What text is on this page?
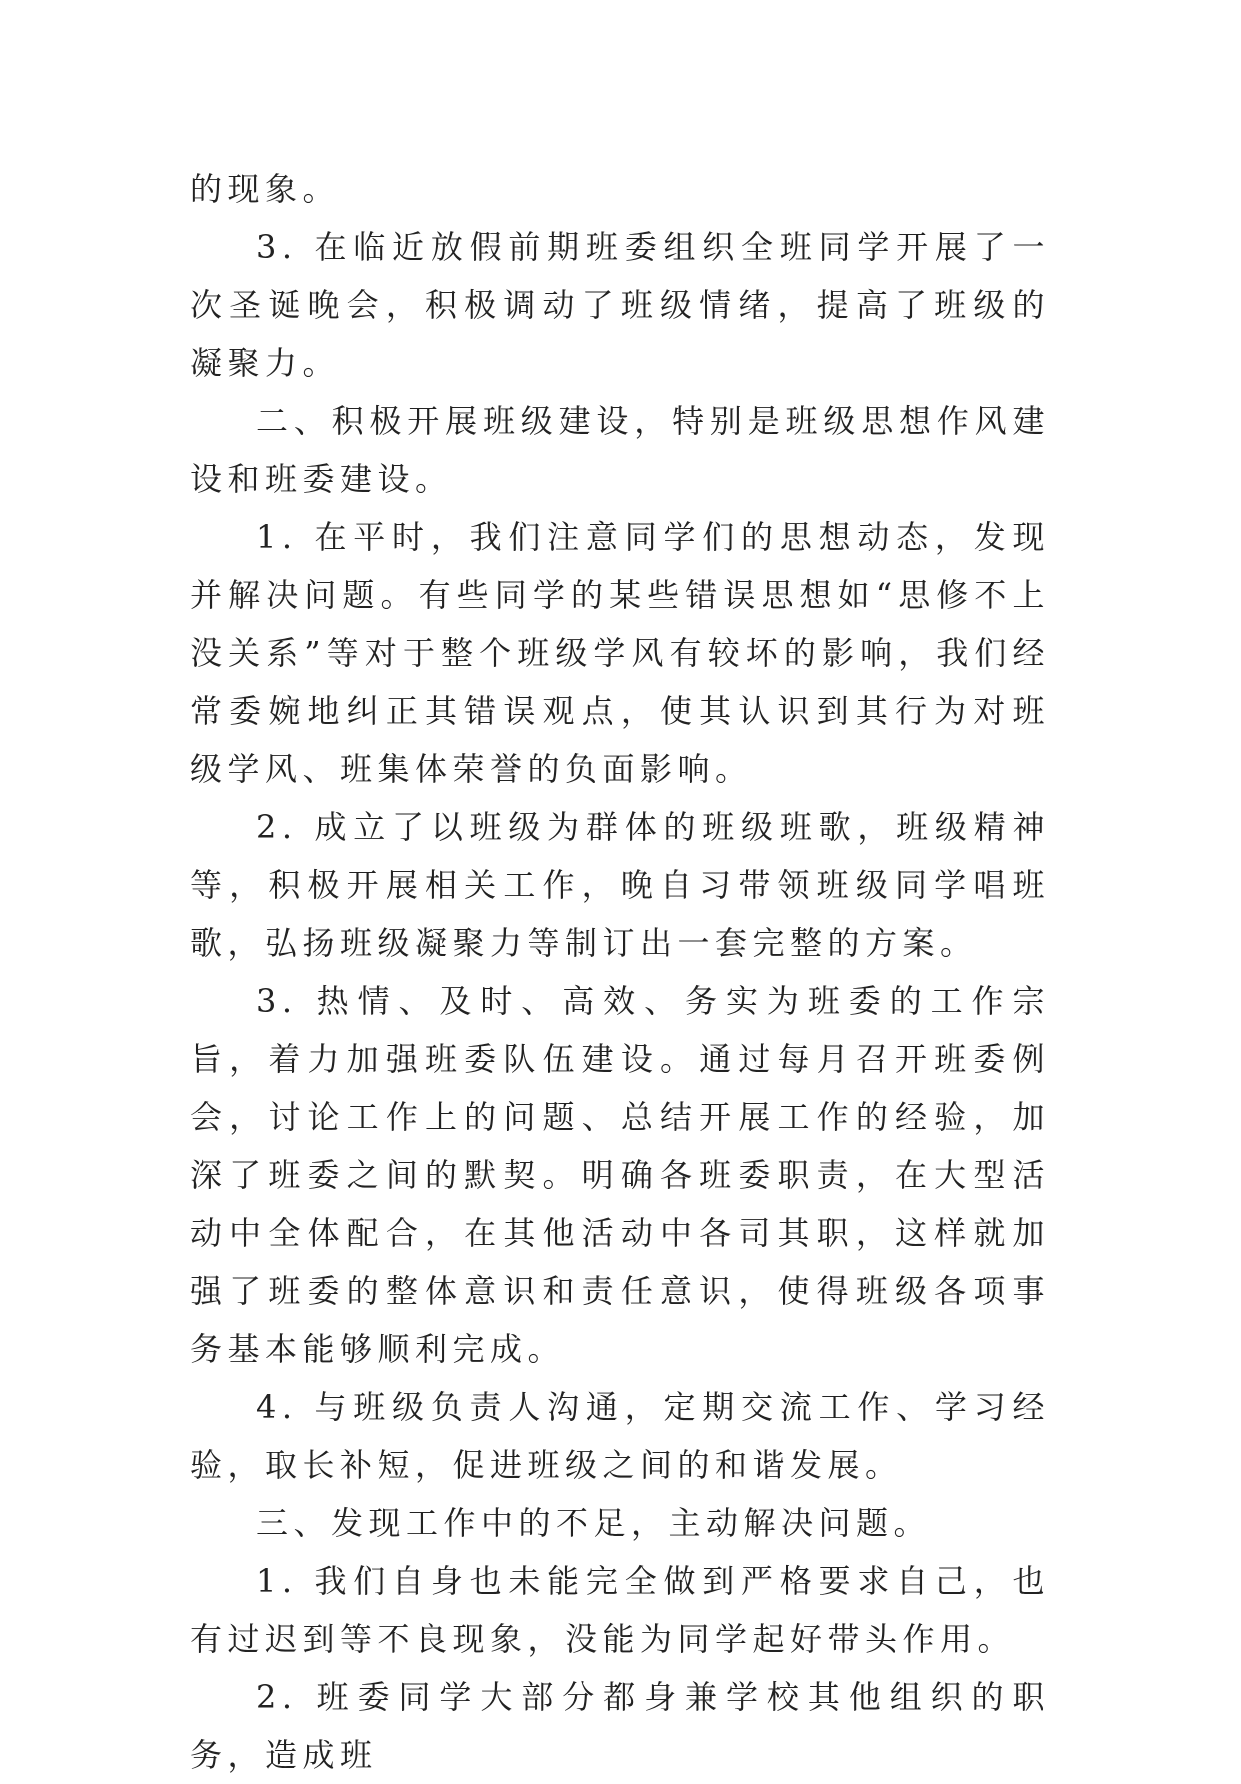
的现象。

3. 在临近放假前期班委组织全班同学开展了一次圣诞晚会，积极调动了班级情绪，提高了班级的凝聚力。

二、积极开展班级建设，特别是班级思想作风建设和班委建设。

1. 在平时，我们注意同学们的思想动态，发现并解决问题。有些同学的某些错误思想如“思修不上没关系”等对于整个班级学风有较坏的影响，我们经常委婉地纠正其错误观点，使其认识到其行为对班级学风、班集体荣誉的负面影响。

2. 成立了以班级为群体的班级班歌，班级精神等，积极开展相关工作，晚自习带领班级同学唱班歌，弘扬班级凝聚力等制订出一套完整的方案。

3. 热情、及时、高效、务实为班委的工作宗旨，着力加强班委队伍建设。通过每月召开班委例会，讨论工作上的问题、总结开展工作的经验，加深了班委之间的默契。明确各班委职责，在大型活动中全体配合，在其他活动中各司其职，这样就加强了班委的整体意识和责任意识，使得班级各项事务基本能够顺利完成。

4. 与班级负责人沟通，定期交流工作、学习经验，取长补短，促进班级之间的和谐发展。

三、发现工作中的不足，主动解决问题。

1. 我们自身也未能完全做到严格要求自己，也有过迟到等不良现象，没能为同学起好带头作用。

2. 班委同学大部分都身兼学校其他组织的职务，造成班
